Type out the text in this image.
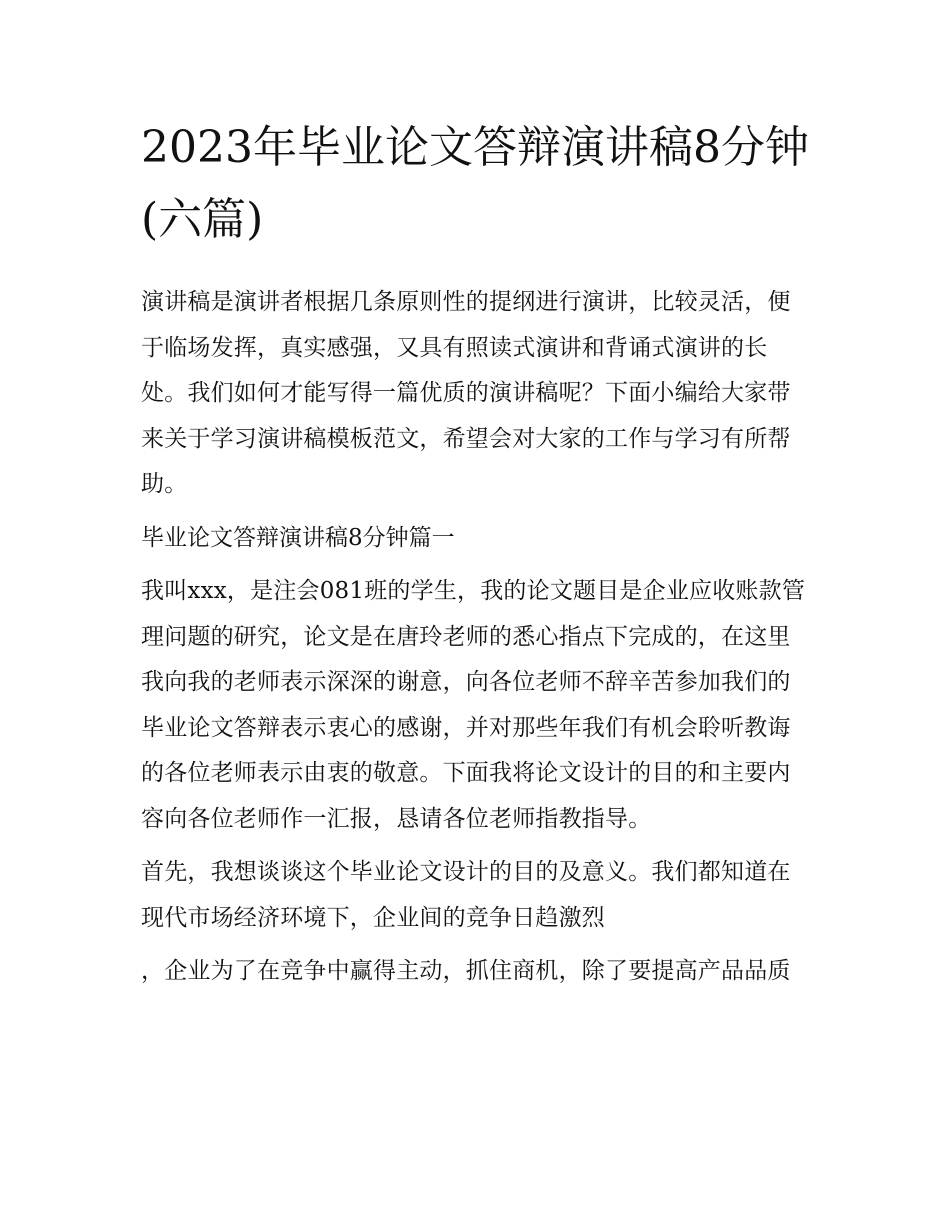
2023年毕业论文答辩演讲稿8分钟(六篇)

演讲稿是演讲者根据几条原则性的提纲进行演讲，比较灵活，便于临场发挥，真实感强，又具有照读式演讲和背诵式演讲的长处。我们如何才能写得一篇优质的演讲稿呢？下面小编给大家带来关于学习演讲稿模板范文，希望会对大家的工作与学习有所帮助。

毕业论文答辩演讲稿8分钟篇一

我叫xxx，是注会081班的学生，我的论文题目是企业应收账款管理问题的研究，论文是在唐玲老师的悉心指点下完成的，在这里我向我的老师表示深深的谢意，向各位老师不辞辛苦参加我们的毕业论文答辩表示衷心的感谢，并对那些年我们有机会聆听教诲的各位老师表示由衷的敬意。下面我将论文设计的目的和主要内容向各位老师作一汇报，恳请各位老师指教指导。

首先，我想谈谈这个毕业论文设计的目的及意义。我们都知道在现代市场经济环境下，企业间的竞争日趋激烈

，企业为了在竞争中赢得主动，抓住商机，除了要提高产品品质
